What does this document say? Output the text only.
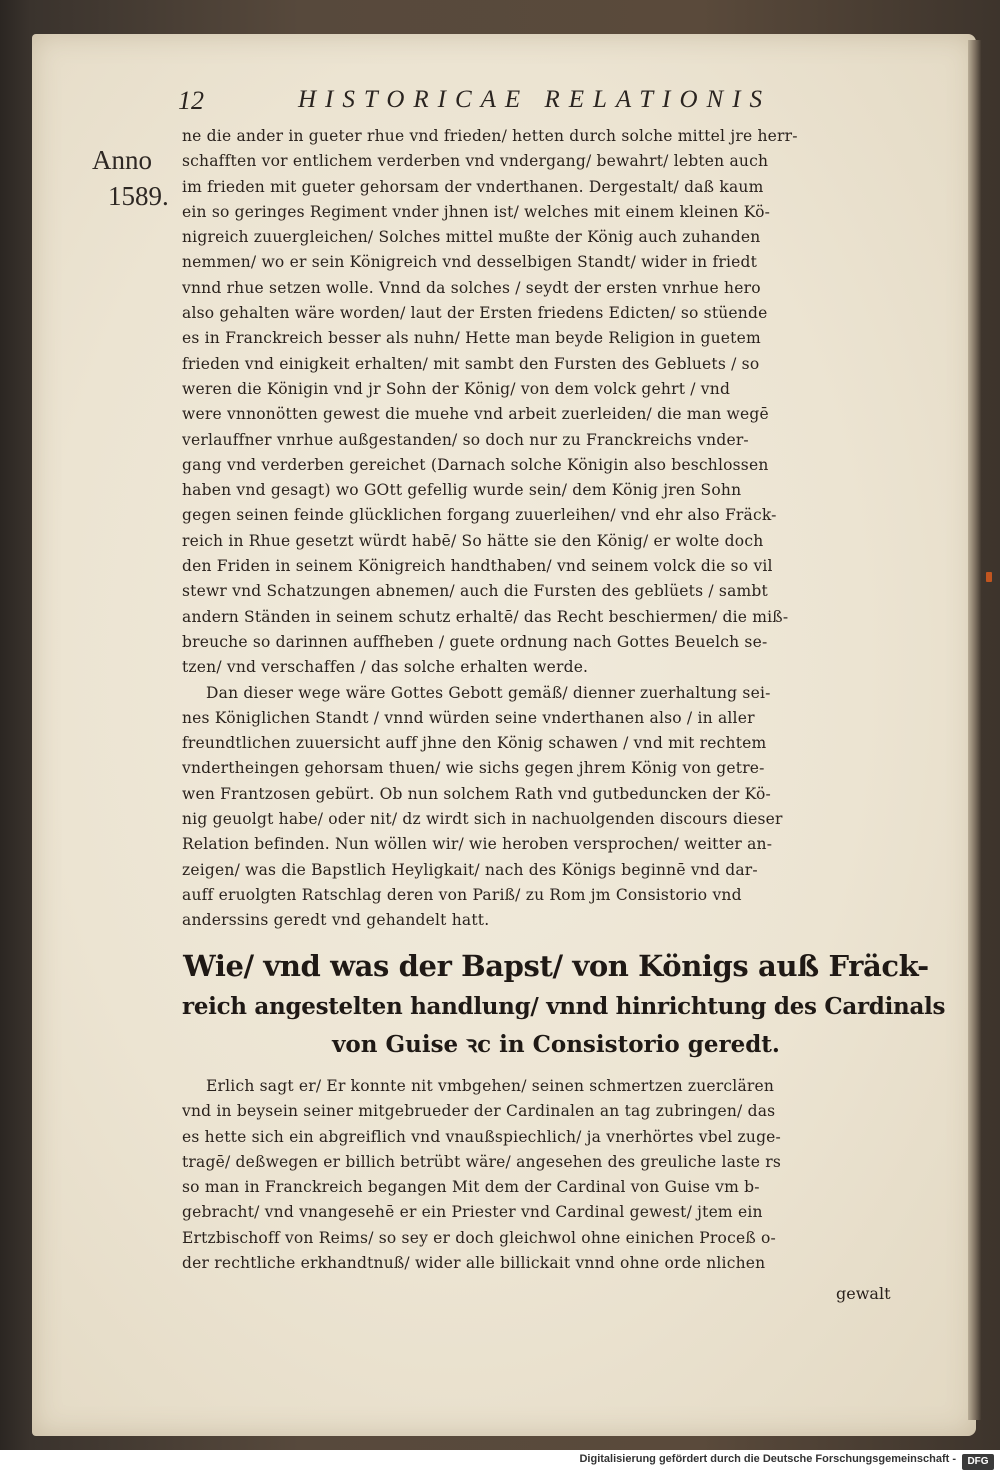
12	HISTORICAE RELATIONIS
Anno
1589.
ne die ander in gueter rhue vnd frieden/ hetten durch solche mittel jre herr-
schafften vor entlichem verderben vnd vndergang/ bewahrt/ lebten auch
im frieden mit gueter gehorsam der vnderthanen. Dergestalt/ daß kaum
ein so geringes Regiment vnder jhnen ist/ welches mit einem kleinen Kö-
nigreich zuuergleichen/ Solches mittel mußte der König auch zuhanden
nemmen/ wo er sein Königreich vnd desselbigen Standt/ wider in friedt
vnnd rhue setzen wolle. Vnnd da solches / seydt der ersten vnrhue hero
also gehalten wäre worden/ laut der Ersten friedens Edicten/ so stüende
es in Franckreich besser als nuhn/ Hette man beyde Religion in guetem
frieden vnd einigkeit erhalten/ mit sambt den Fursten des Gebluets / so
weren die Königin vnd jr Sohn der König/ von dem volck gehrt / vnd
were vnnonötten gewest die muehe vnd arbeit zuerleiden/ die man wegē
verlauffner vnrhue außgestanden/ so doch nur zu Franckreichs vnder-
gang vnd verderben gereichet (Darnach solche Königin also beschlossen
haben vnd gesagt) wo GOtt gefellig wurde sein/ dem König jren Sohn
gegen seinen feinde glücklichen forgang zuuerleihen/ vnd ehr also Fräck-
reich in Rhue gesetzt würdt habē/ So hätte sie den König/ er wolte doch
den Friden in seinem Königreich handthaben/ vnd seinem volck die so vil
stewr vnd Schatzungen abnemen/ auch die Fursten des geblüets / sambt
andern Ständen in seinem schutz erhaltē/ das Recht beschiermen/ die miß-
breuche so darinnen auffheben / guete ordnung nach Gottes Beuelch se-
tzen/ vnd verschaffen / das solche erhalten werde.
Dan dieser wege wäre Gottes Gebott gemäß/ dienner zuerhaltung sei-
nes Königlichen Standt / vnnd würden seine vnderthanen also / in aller
freundtlichen zuuersicht auff jhne den König schawen / vnd mit rechtem
vndertheingen gehorsam thuen/ wie sichs gegen jhrem König von getre-
wen Frantzosen gebürt. Ob nun solchem Rath vnd gutbeduncken der Kö-
nig geuolgt habe/ oder nit/ dz wirdt sich in nachuolgenden discours dieser
Relation befinden. Nun wöllen wir/ wie heroben versprochen/ weitter an-
zeigen/ was die Bapstlich Heyligkait/ nach des Königs beginnē vnd dar-
auff eruolgten Ratschlag deren von Pariß/ zu Rom jm Consistorio vnd
anderssins geredt vnd gehandelt hatt.
Wie/ vnd was der Bapst/ von Königs auß Fräck-
reich angestelten handlung/ vnnd hinrichtung des Cardinals
von Guise ꝛc in Consistorio geredt.
Erlich sagt er/ Er konnte nit vmbgehen/ seinen schmertzen zuerclären
vnd in beysein seiner mitgebrueder der Cardinalen an tag zubringen/ das
es hette sich ein abgreiflich vnd vnaußspiechlich/ ja vnerhörtes vbel zuge-
tragē/ deßwegen er billich betrübt wäre/ angesehen des greuliche laste rs
so man in Franckreich begangen Mit dem der Cardinal von Guise vm b-
gebracht/ vnd vnangesehē er ein Priester vnd Cardinal gewest/ jtem ein
Ertzbischoff von Reims/ so sey er doch gleichwol ohne einichen Proceß o-
der rechtliche erkhandtnuß/ wider alle billickait vnnd ohne orde nlichen
gewalt
Digitalisierung gefördert durch die Deutsche Forschungsgemeinschaft -	DFG
